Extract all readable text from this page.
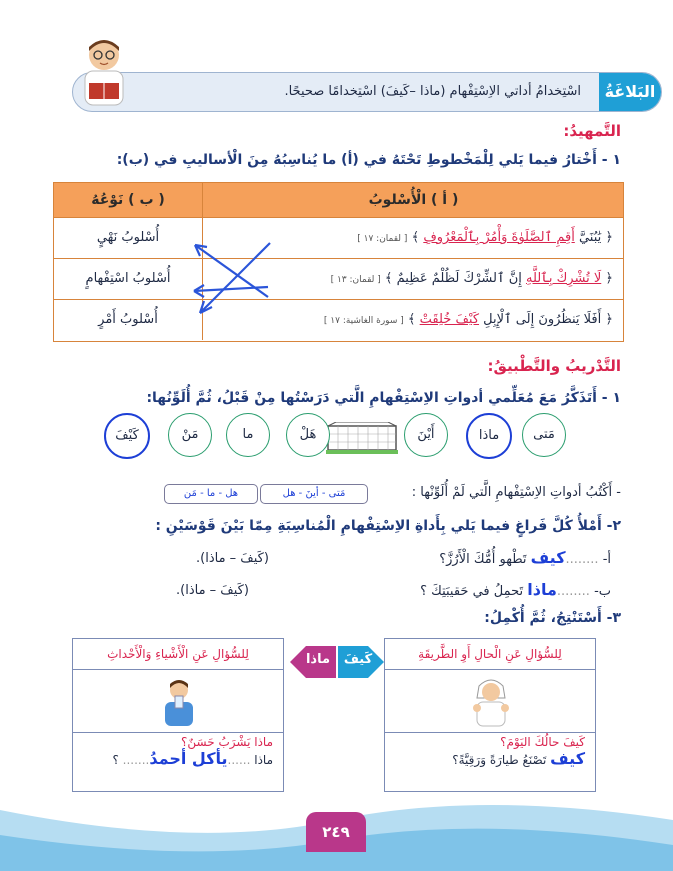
البَلاغَةُ
اسْتِخدامُ أداتي الاِسْتِفْهام (ماذا –كَيفَ) اسْتِخدامًا صحيحًا.
التَّمهيدُ:
١ - أَخْتارُ فيما يَلي لِلْمَخْطوطِ تَحْتَهُ في (أ) ما يُناسِبُهُ مِنَ الْأساليبِ في (ب):
( ب ) نَوْعُهُ	( أ ) الْأُسْلوبُ
أُسْلوبُ نَهْيٍ	﴿ يَٰبُنَيَّ أَقِمِ ٱلصَّلَوٰةَ وَأْمُرْ بِٱلْمَعْرُوفِ ﴾ [ لقمان: ١٧ ]
أُسْلوبُ اسْتِفْهامٍ	﴿ لَا تُشْرِكْ بِٱللَّهِ إِنَّ ٱلشِّرْكَ لَظُلْمٌ عَظِيمٌ ﴾ [ لقمان: ١٣ ]
أُسْلوبُ أَمْرٍ	﴿ أَفَلَا يَنظُرُونَ إِلَى ٱلْإِبِلِ كَيْفَ خُلِقَتْ ﴾ [ سورة الغاشية: ١٧ ]
التَّدْريبُ والتَّطْبيقُ:
١ - أَتَذَكَّرُ مَعَ مُعَلِّمي أدواتِ الاِسْتِفْهامِ الَّتي دَرَسْتُها مِنْ قَبْلُ، ثُمَّ أُلَوِّنُها:
مَتى
ماذا
أَيْنَ
هَلْ
ما
مَنْ
كَيْفَ
- أَكْتُبُ أدواتِ الاِسْتِفْهامِ الَّتي لَمْ أُلَوِّنْها :
مَتى - أينَ - هل
هل - ما - مَن
٢- أَمْلأُ كُلَّ فَراغٍ فيما يَلي بِأَداةِ الاِسْتِفْهامِ الْمُناسِبَةِ مِمّا بَيْنَ قَوْسَيْنِ :
أ- ........كيف تَطْهو أُمُّكَ الْأَرُزَّ؟
(كَيفَ – ماذا).
ب- ........ماذا تَحمِلُ في حَقيبَتِكَ ؟
(كَيفَ – ماذا).
٣- أَسْتَنْتِجُ، ثُمَّ أُكْمِلُ:
لِلسُّؤالِ عَنِ الْحالِ أَوِ الطَّريقَةِ
كَيفَ حالُكَ اليَوْمَ؟
كيف تَصْنَعُ طيارَةً وَرَقِيَّةً؟
كَيفَ
ماذا
لِلسُّؤالِ عَنِ الْأَشْياءِ وَالْأَحْداثِ
ماذا يَشْرَبُ حَسَنٌ؟
ماذا ......يأكل أحمدُ....... ؟
٢٤٩
